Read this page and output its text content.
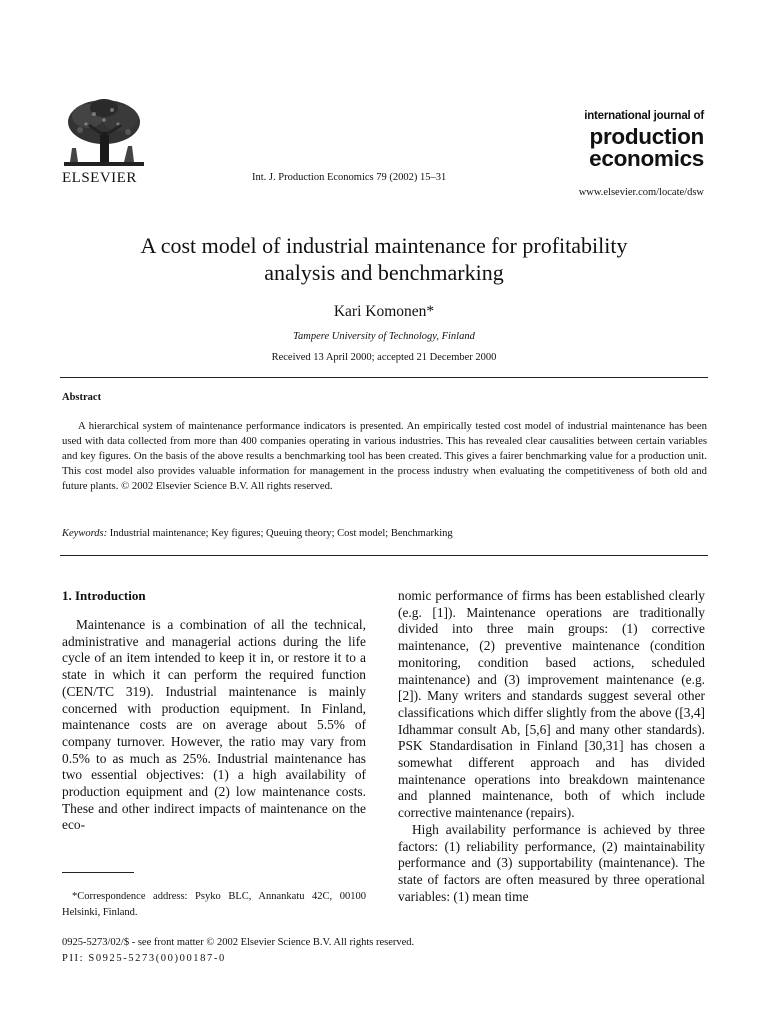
ELSEVIER	Int. J. Production Economics 79 (2002) 15–31
international journal of
production
economics
www.elsevier.com/locate/dsw
A cost model of industrial maintenance for profitability
analysis and benchmarking
Kari Komonen*
Tampere University of Technology, Finland
Received 13 April 2000; accepted 21 December 2000
Abstract
A hierarchical system of maintenance performance indicators is presented. An empirically tested cost model of industrial maintenance has been used with data collected from more than 400 companies operating in various industries. This has revealed clear causalities between certain variables and key figures. On the basis of the above results a benchmarking tool has been created. This gives a fairer benchmarking value for a production unit. This cost model also provides valuable information for management in the process industry when evaluating the competitiveness of both old and future plants. © 2002 Elsevier Science B.V. All rights reserved.
Keywords: Industrial maintenance; Key figures; Queuing theory; Cost model; Benchmarking
1. Introduction

Maintenance is a combination of all the technical, administrative and managerial actions during the life cycle of an item intended to keep it in, or restore it to a state in which it can perform the required function (CEN/TC 319). Industrial maintenance is mainly concerned with production equipment. In Finland, maintenance costs are on average about 5.5% of company turnover. However, the ratio may vary from 0.5% to as much as 25%. Industrial maintenance has two essential objectives: (1) a high availability of production equipment and (2) low maintenance costs. These and other indirect impacts of maintenance on the eco-

nomic performance of firms has been established clearly (e.g. [1]). Maintenance operations are traditionally divided into three main groups: (1) corrective maintenance, (2) preventive maintenance (condition monitoring, condition based actions, scheduled maintenance) and (3) improvement maintenance (e.g. [2]). Many writers and standards suggest several other classifications which differ slightly from the above ([3,4] Idhammar consult Ab, [5,6] and many other standards). PSK Standardisation in Finland [30,31] has chosen a somewhat different approach and has divided maintenance operations into breakdown maintenance and planned maintenance, both of which include corrective maintenance (repairs).

High availability performance is achieved by three factors: (1) reliability performance, (2) maintainability performance and (3) supportability (maintenance). The state of factors are often measured by three operational variables: (1) mean time

*Correspondence address: Psyko BLC, Annankatu 42C, 00100 Helsinki, Finland.
0925-5273/02/$ - see front matter © 2002 Elsevier Science B.V. All rights reserved.
PII: S0925-5273(00)00187-0
